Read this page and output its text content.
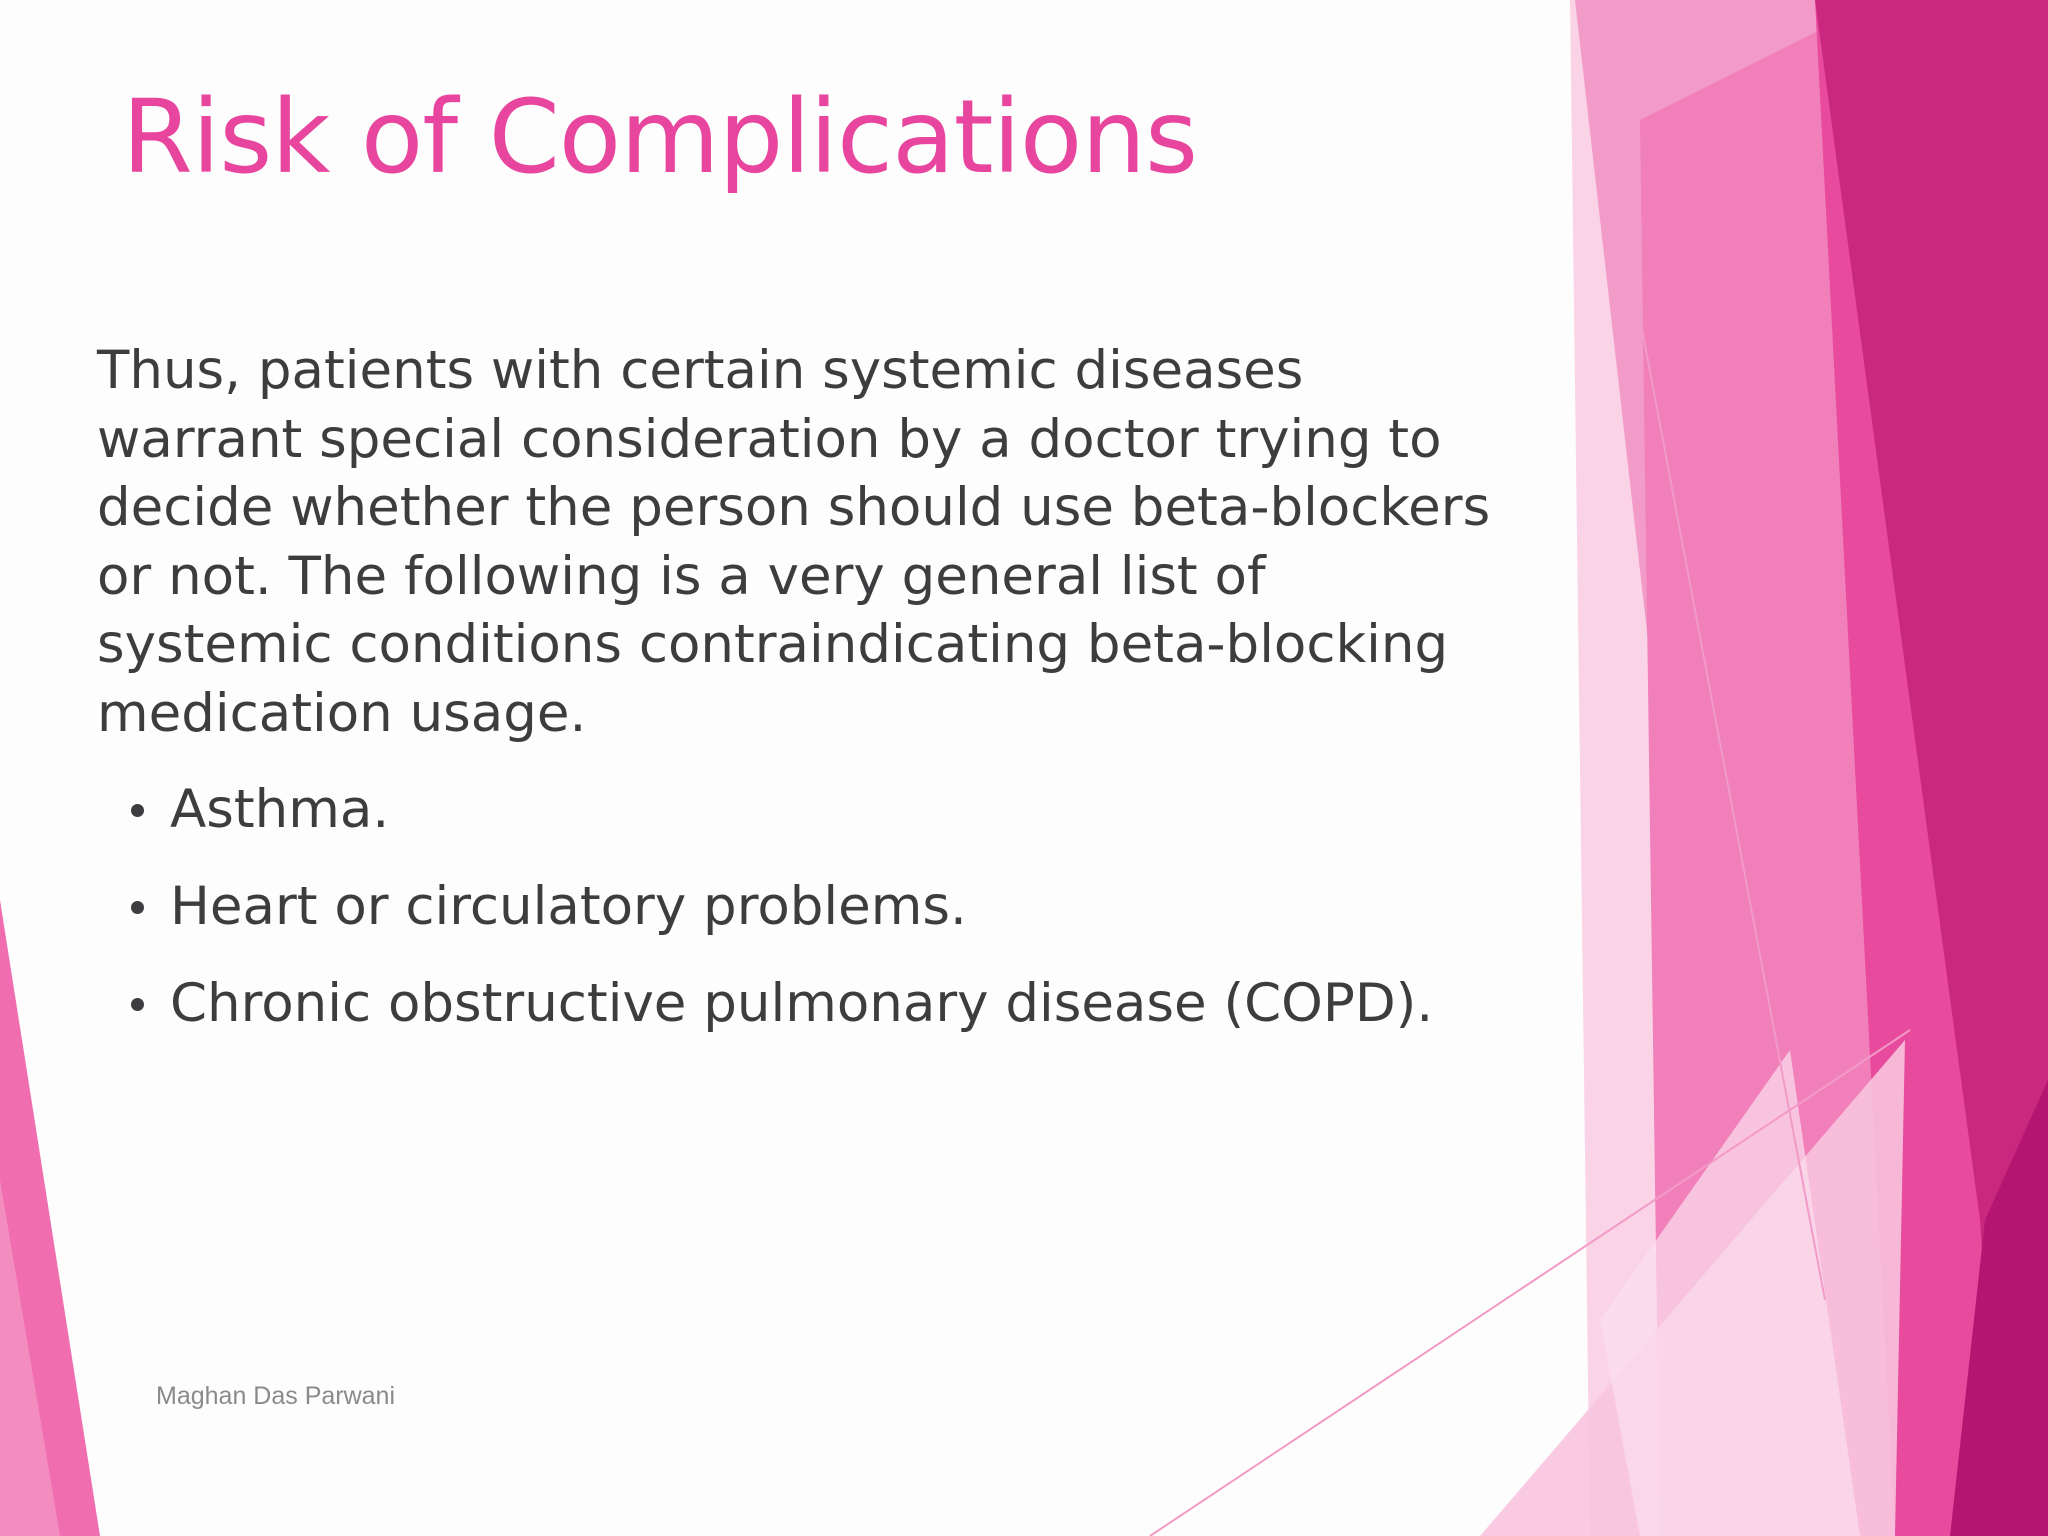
Risk of Complications

Thus, patients with certain systemic diseases warrant special consideration by a doctor trying to decide whether the person should use beta-blockers or not. The following is a very general list of systemic conditions contraindicating beta-blocking medication usage.

Asthma.
Heart or circulatory problems.
Chronic obstructive pulmonary disease (COPD).
Maghan Das Parwani
